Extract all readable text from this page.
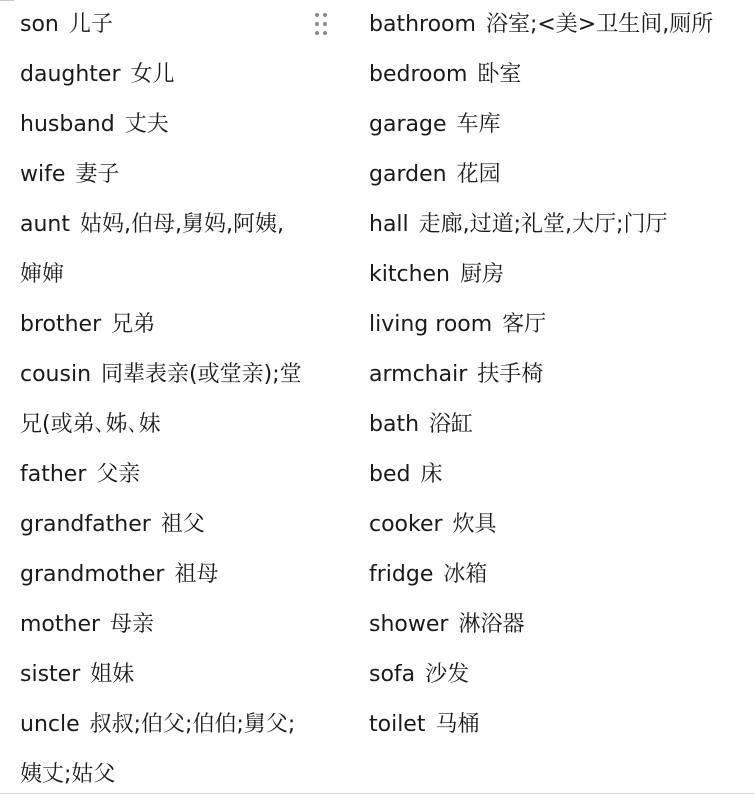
son 儿子
daughter 女儿
husband 丈夫
wife 妻子
aunt 姑妈,伯母,舅妈,阿姨,
婶婶
brother 兄弟
cousin 同辈表亲(或堂亲);堂
兄(或弟､姊､妹
father 父亲
grandfather 祖父
grandmother 祖母
mother 母亲
sister 姐妹
uncle 叔叔;伯父;伯伯;舅父;
姨丈;姑父
bathroom 浴室;<美>卫生间,厕所
bedroom 卧室
garage 车库
garden 花园
hall 走廊,过道;礼堂,大厅;门厅
kitchen 厨房
living room 客厅
armchair 扶手椅
bath 浴缸
bed 床
cooker 炊具
fridge 冰箱
shower 淋浴器
sofa 沙发
toilet 马桶
